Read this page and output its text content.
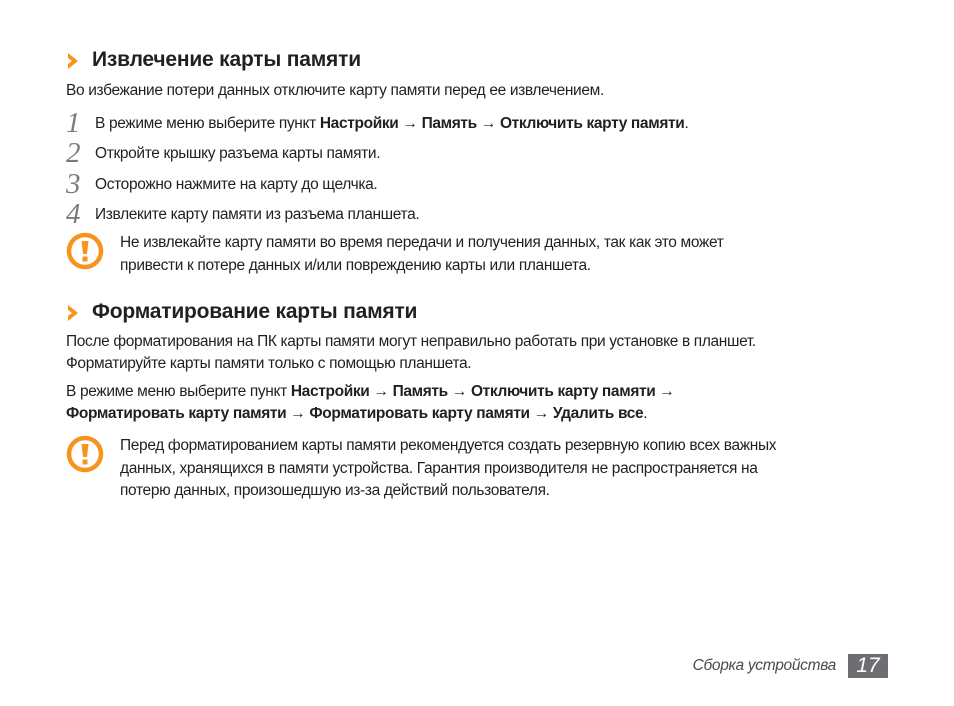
Извлечение карты памяти
Во избежание потери данных отключите карту памяти перед ее извлечением.
1 В режиме меню выберите пункт Настройки → Память → Отключить карту памяти.
2 Откройте крышку разъема карты памяти.
3 Осторожно нажмите на карту до щелчка.
4 Извлеките карту памяти из разъема планшета.
Не извлекайте карту памяти во время передачи и получения данных, так как это может
привести к потере данных и/или повреждению карты или планшета.
Форматирование карты памяти
После форматирования на ПК карты памяти могут неправильно работать при установке в планшет.
Форматируйте карты памяти только с помощью планшета.
В режиме меню выберите пункт Настройки → Память → Отключить карту памяти →
Форматировать карту памяти → Форматировать карту памяти → Удалить все.
Перед форматированием карты памяти рекомендуется создать резервную копию всех важных
данных, хранящихся в памяти устройства. Гарантия производителя не распространяется на
потерю данных, произошедшую из-за действий пользователя.
Сборка устройства 17
